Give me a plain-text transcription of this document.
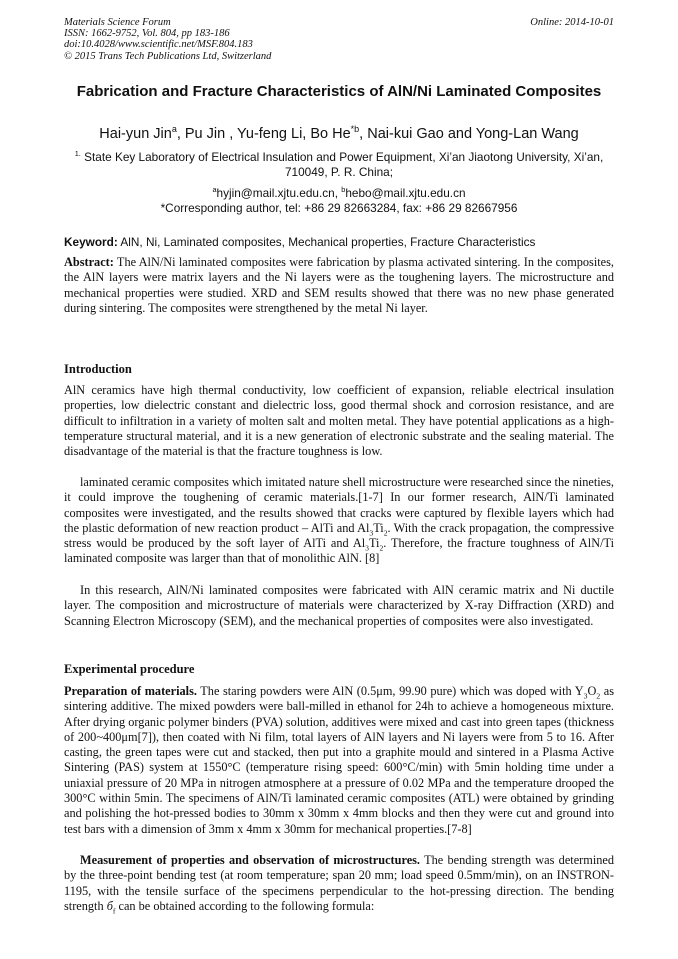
Materials Science Forum
ISSN: 1662-9752, Vol. 804, pp 183-186
doi:10.4028/www.scientific.net/MSF.804.183
© 2015 Trans Tech Publications Ltd, Switzerland
Online: 2014-10-01
Fabrication and Fracture Characteristics of AlN/Ni Laminated Composites
Hai-yun Jin$^a$, Pu Jin , Yu-feng Li, Bo He$^{*b}$, Nai-kui Gao and Yong-Lan Wang
$^{1.}$ State Key Laboratory of Electrical Insulation and Power Equipment, Xi’an Jiaotong University, Xi’an, 710049, P. R. China;
$^a$hyjin@mail.xjtu.edu.cn, $^b$hebo@mail.xjtu.edu.cn
*Corresponding author, tel: +86 29 82663284, fax: +86 29 82667956
Keyword: AlN, Ni, Laminated composites, Mechanical properties, Fracture Characteristics
Abstract: The AlN/Ni laminated composites were fabrication by plasma activated sintering. In the composites, the AlN layers were matrix layers and the Ni layers were as the toughening layers. The microstructure and mechanical properties were studied. XRD and SEM results showed that there was no new phase generated during sintering. The composites were strengthened by the metal Ni layer.
Introduction

AlN ceramics have high thermal conductivity, low coefficient of expansion, reliable electrical insulation properties, low dielectric constant and dielectric loss, good thermal shock and corrosion resistance, and are difficult to infiltration in a variety of molten salt and molten metal. They have potential applications as a high-temperature structural material, and it is a new generation of electronic substrate and the sealing material. The disadvantage of the material is that the fracture toughness is low.

laminated ceramic composites which imitated nature shell microstructure were researched since the nineties, it could improve the toughening of ceramic materials.[1-7] In our former research, AlN/Ti laminated composites were investigated, and the results showed that cracks were captured by flexible layers which had the plastic deformation of new reaction product – AlTi and $Al_3Ti_2$. With the crack propagation, the compressive stress would be produced by the soft layer of AlTi and $Al_3Ti_2$. Therefore, the fracture toughness of AlN/Ti laminated composite was larger than that of monolithic AlN. [8]

In this research, AlN/Ni laminated composites were fabricated with AlN ceramic matrix and Ni ductile layer. The composition and microstructure of materials were characterized by X-ray Diffraction (XRD) and Scanning Electron Microscopy (SEM), and the mechanical properties of composites were also investigated.

Experimental procedure

Preparation of materials. The staring powders were AlN (0.5μm, 99.90 pure) which was doped with $Y_3O_2$ as sintering additive. The mixed powders were ball-milled in ethanol for 24h to achieve a homogeneous mixture. After drying organic polymer binders (PVA) solution, additives were mixed and cast into green tapes (thickness of 200~400μm[7]), then coated with Ni film, total layers of AlN layers and Ni layers were from 5 to 16. After casting, the green tapes were cut and stacked, then put into a graphite mould and sintered in a Plasma Active Sintering (PAS) system at 1550°C (temperature rising speed: 600°C/min) with 5min holding time under a uniaxial pressure of 20 MPa in nitrogen atmosphere at a pressure of 0.02 MPa and the temperature drooped the 300°C within 5min. The specimens of AlN/Ti laminated ceramic composites (ATL) were obtained by grinding and polishing the hot-pressed bodies to 30mm x 30mm x 4mm blocks and then they were cut and ground into test bars with a dimension of 3mm x 4mm x 30mm for mechanical properties.[7-8]

Measurement of properties and observation of microstructures. The bending strength was determined by the three-point bending test (at room temperature; span 20 mm; load speed 0.5mm/min), on an INSTRON-1195, with the tensile surface of the specimens perpendicular to the hot-pressing direction. The bending strength $б_f$ can be obtained according to the following formula:
